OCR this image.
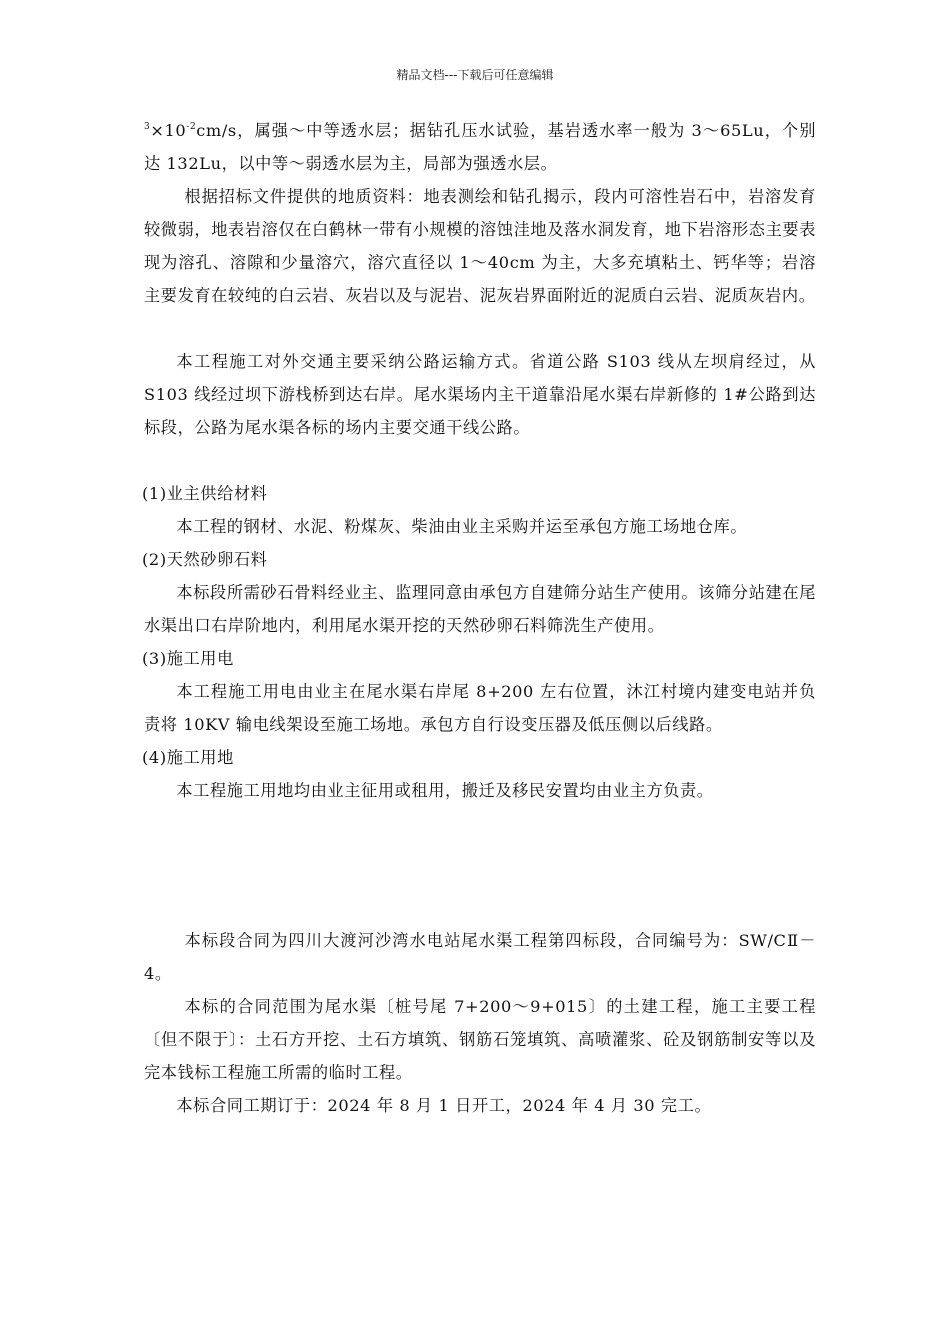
精品文档---下载后可任意编辑

$^3\times 10^{-2}cm/s$，属强～中等透水层；据钻孔压水试验，基岩透水率一般为 3～65Lu，个别达 132Lu，以中等～弱透水层为主，局部为强透水层。

根据招标文件提供的地质资料：地表测绘和钻孔揭示，段内可溶性岩石中，岩溶发育较微弱，地表岩溶仅在白鹤林一带有小规模的溶蚀洼地及落水洞发育，地下岩溶形态主要表现为溶孔、溶隙和少量溶穴，溶穴直径以 1～40cm 为主，大多充填粘土、钙华等；岩溶主要发育在较纯的白云岩、灰岩以及与泥岩、泥灰岩界面附近的泥质白云岩、泥质灰岩内。

本工程施工对外交通主要采纳公路运输方式。省道公路 S103 线从左坝肩经过，从 S103 线经过坝下游栈桥到达右岸。尾水渠场内主干道靠沿尾水渠右岸新修的 1#公路到达标段，公路为尾水渠各标的场内主要交通干线公路。

(1)业主供给材料

本工程的钢材、水泥、粉煤灰、柴油由业主采购并运至承包方施工场地仓库。

(2)天然砂卵石料

本标段所需砂石骨料经业主、监理同意由承包方自建筛分站生产使用。该筛分站建在尾水渠出口右岸阶地内，利用尾水渠开挖的天然砂卵石料筛洗生产使用。

(3)施工用电

本工程施工用电由业主在尾水渠右岸尾 8+200 左右位置，沐江村境内建变电站并负责将 10KV 输电线架设至施工场地。承包方自行设变压器及低压侧以后线路。

(4)施工用地

本工程施工用地均由业主征用或租用，搬迁及移民安置均由业主方负责。

本标段合同为四川大渡河沙湾水电站尾水渠工程第四标段，合同编号为：SW/CⅡ－4。

本标的合同范围为尾水渠〔桩号尾 7+200～9+015〕的土建工程，施工主要工程〔但不限于〕：土石方开挖、土石方填筑、钢筋石笼填筑、高喷灌浆、砼及钢筋制安等以及完本钱标工程施工所需的临时工程。

本标合同工期订于：2024 年 8 月 1 日开工，2024 年 4 月 30 完工。
